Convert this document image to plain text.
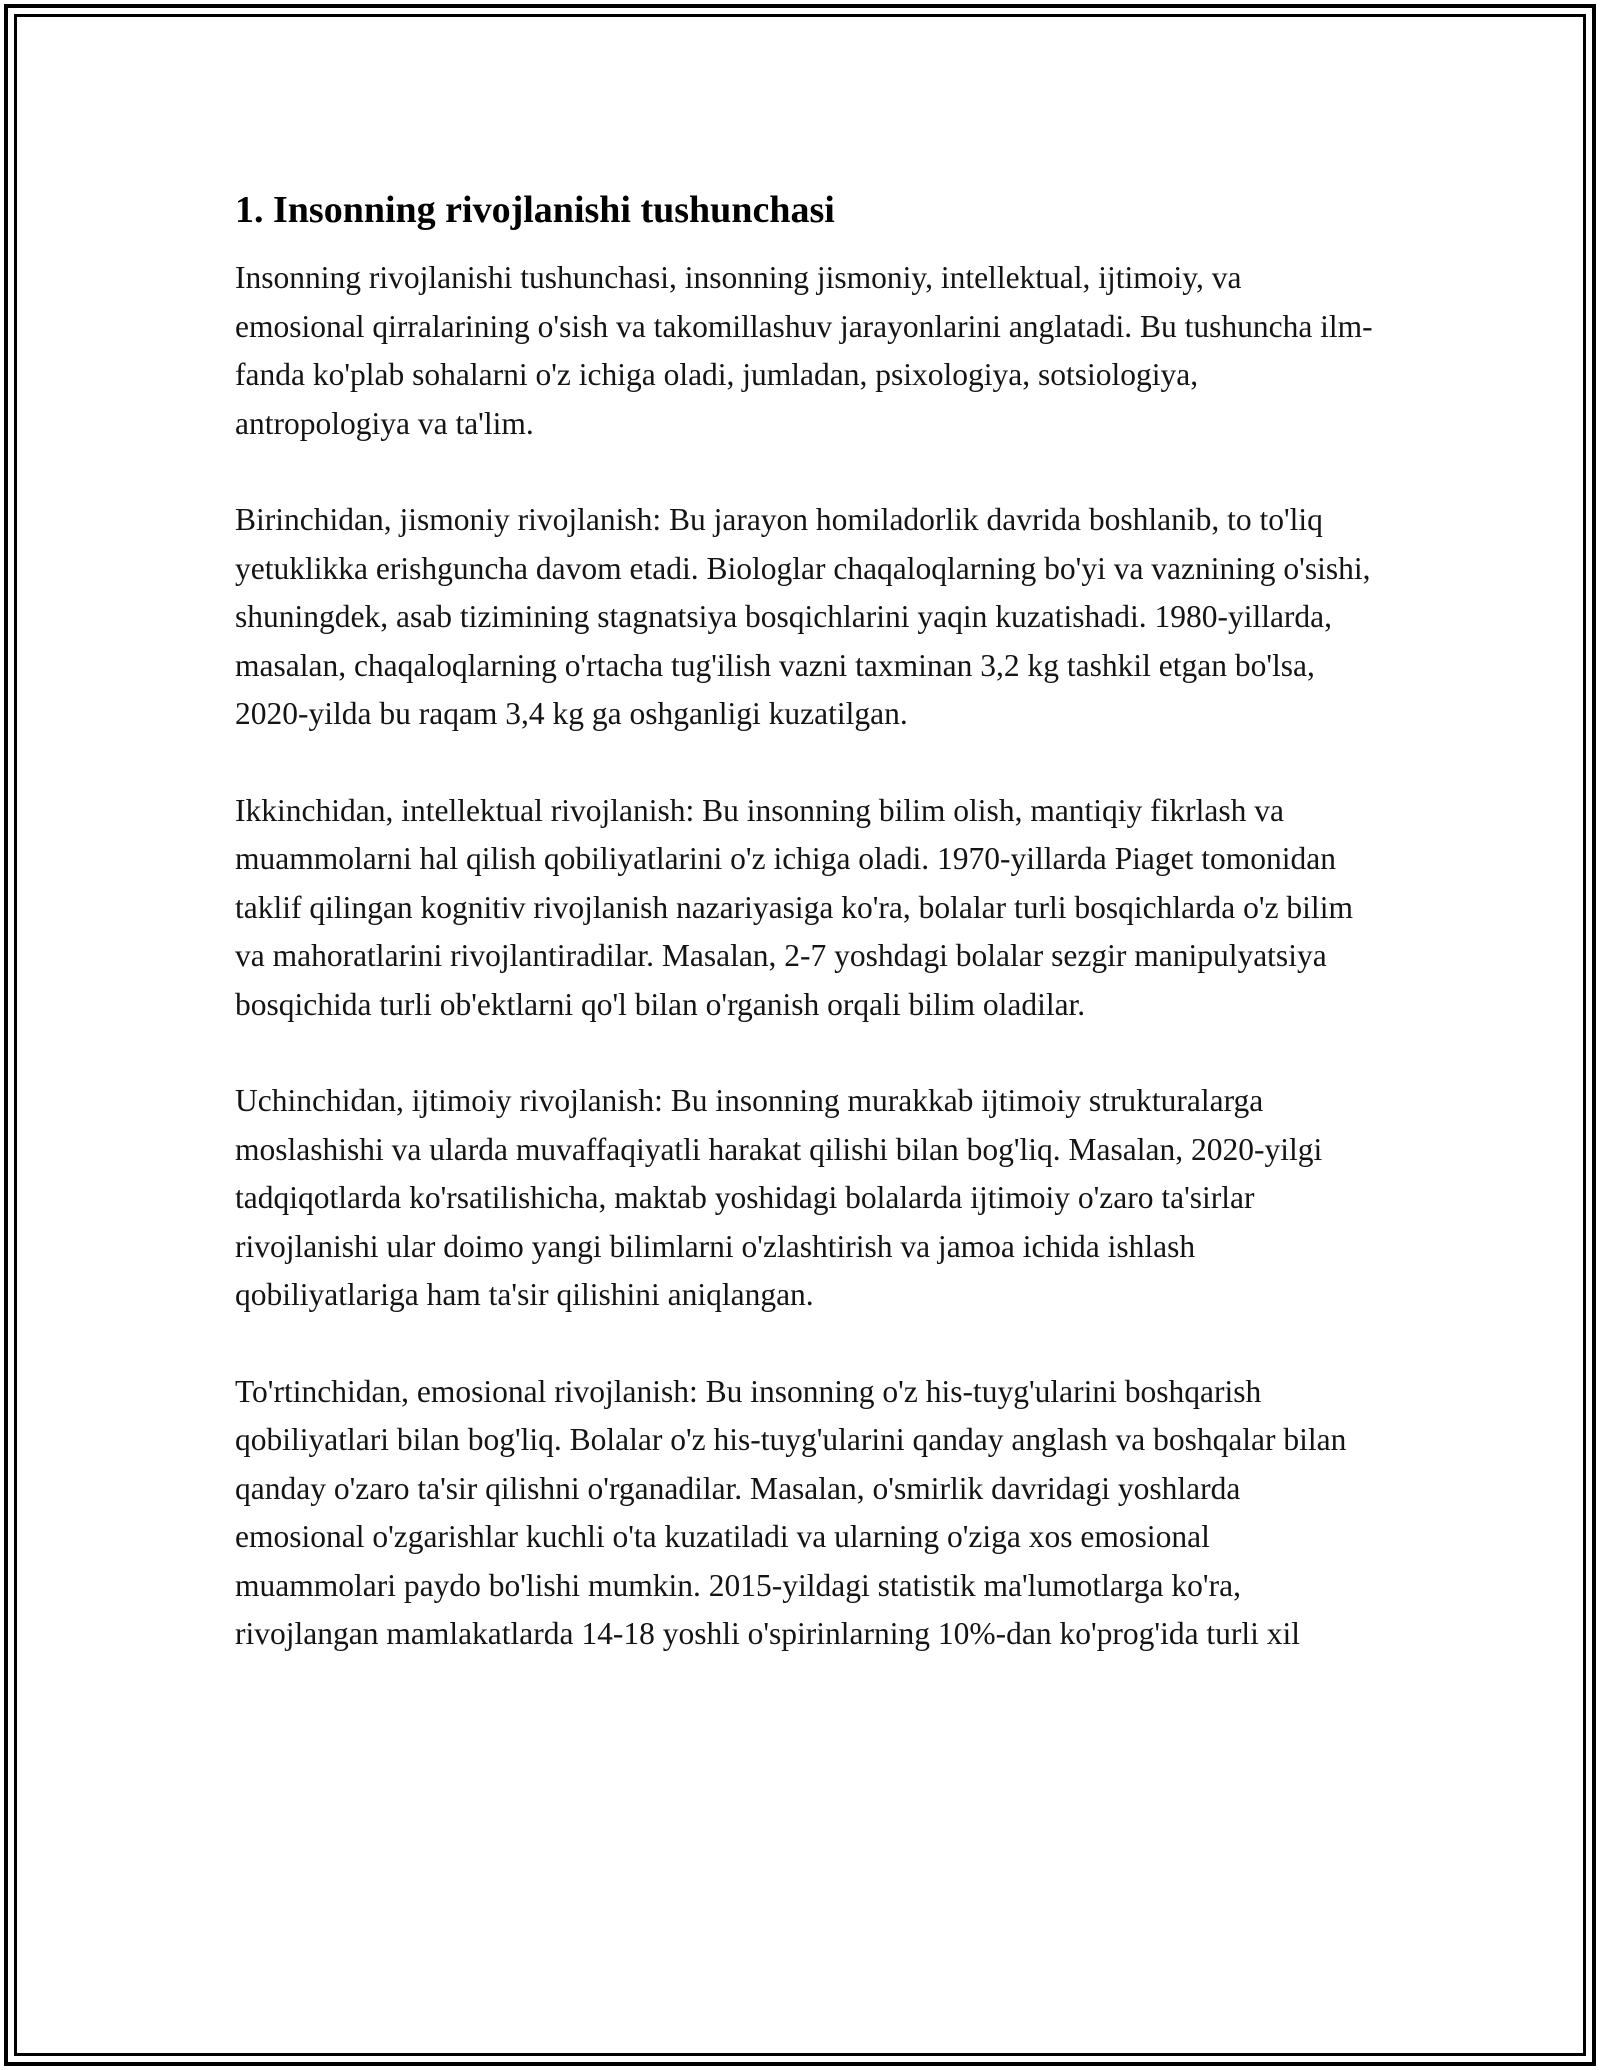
1. Insonning rivojlanishi tushunchasi

Insonning rivojlanishi tushunchasi, insonning jismoniy, intellektual, ijtimoiy, va emosional qirralarining o'sish va takomillashuv jarayonlarini anglatadi. Bu tushuncha ilm-fanda ko'plab sohalarni o'z ichiga oladi, jumladan, psixologiya, sotsiologiya, antropologiya va ta'lim.

Birinchidan, jismoniy rivojlanish: Bu jarayon homiladorlik davrida boshlanib, to to'liq yetuklikka erishguncha davom etadi. Biologlar chaqaloqlarning bo'yi va vaznining o'sishi, shuningdek, asab tizimining stagnatsiya bosqichlarini yaqin kuzatishadi. 1980-yillarda, masalan, chaqaloqlarning o'rtacha tug'ilish vazni taxminan 3,2 kg tashkil etgan bo'lsa, 2020-yilda bu raqam 3,4 kg ga oshganligi kuzatilgan.

Ikkinchidan, intellektual rivojlanish: Bu insonning bilim olish, mantiqiy fikrlash va muammolarni hal qilish qobiliyatlarini o'z ichiga oladi. 1970-yillarda Piaget tomonidan taklif qilingan kognitiv rivojlanish nazariyasiga ko'ra, bolalar turli bosqichlarda o'z bilim va mahoratlarini rivojlantiradilar. Masalan, 2-7 yoshdagi bolalar sezgir manipulyatsiya bosqichida turli ob'ektlarni qo'l bilan o'rganish orqali bilim oladilar.

Uchinchidan, ijtimoiy rivojlanish: Bu insonning murakkab ijtimoiy strukturalarga moslashishi va ularda muvaffaqiyatli harakat qilishi bilan bog'liq. Masalan, 2020-yilgi tadqiqotlarda ko'rsatilishicha, maktab yoshidagi bolalarda ijtimoiy o'zaro ta'sirlar rivojlanishi ular doimo yangi bilimlarni o'zlashtirish va jamoa ichida ishlash qobiliyatlariga ham ta'sir qilishini aniqlangan.

To'rtinchidan, emosional rivojlanish: Bu insonning o'z his-tuyg'ularini boshqarish qobiliyatlari bilan bog'liq. Bolalar o'z his-tuyg'ularini qanday anglash va boshqalar bilan qanday o'zaro ta'sir qilishni o'rganadilar. Masalan, o'smirlik davridagi yoshlarda emosional o'zgarishlar kuchli o'ta kuzatiladi va ularning o'ziga xos emosional muammolari paydo bo'lishi mumkin. 2015-yildagi statistik ma'lumotlarga ko'ra, rivojlangan mamlakatlarda 14-18 yoshli o'spirinlarning 10%-dan ko'prog'ida turli xil
